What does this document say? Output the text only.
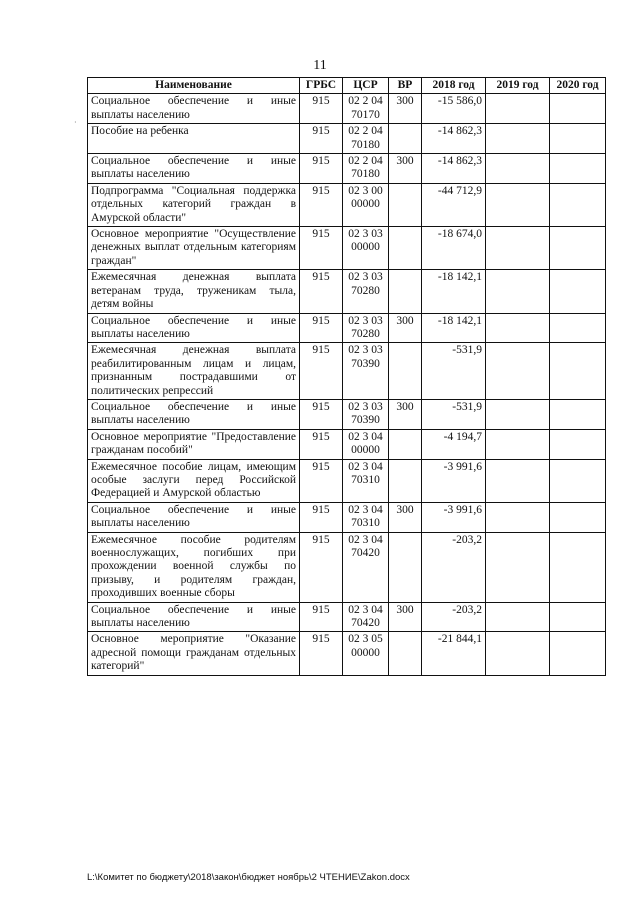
11
·
Наименование	ГРБС	ЦСР	ВР	2018 год	2019 год	2020 год
Социальное обеспечение и иные выплаты населению	915	02 2 04 70170	300	-15 586,0		
Пособие на ребенка	915	02 2 04 70180		-14 862,3		
Социальное обеспечение и иные выплаты населению	915	02 2 04 70180	300	-14 862,3		
Подпрограмма "Социальная поддержка отдельных категорий граждан в Амурской области"	915	02 3 00 00000		-44 712,9		
Основное мероприятие "Осуществление денежных выплат отдельным категориям граждан"	915	02 3 03 00000		-18 674,0		
Ежемесячная денежная выплата ветеранам труда, труженикам тыла, детям войны	915	02 3 03 70280		-18 142,1		
Социальное обеспечение и иные выплаты населению	915	02 3 03 70280	300	-18 142,1		
Ежемесячная денежная выплата реабилитированным лицам и лицам, признанным пострадавшими от политических репрессий	915	02 3 03 70390		-531,9		
Социальное обеспечение и иные выплаты населению	915	02 3 03 70390	300	-531,9		
Основное мероприятие "Предоставление гражданам пособий"	915	02 3 04 00000		-4 194,7		
Ежемесячное пособие лицам, имеющим особые заслуги перед Российской Федерацией и Амурской областью	915	02 3 04 70310		-3 991,6		
Социальное обеспечение и иные выплаты населению	915	02 3 04 70310	300	-3 991,6		
Ежемесячное пособие родителям военнослужащих, погибших при прохождении военной службы по призыву, и родителям граждан, проходивших военные сборы	915	02 3 04 70420		-203,2		
Социальное обеспечение и иные выплаты населению	915	02 3 04 70420	300	-203,2		
Основное мероприятие "Оказание адресной помощи гражданам отдельных категорий"	915	02 3 05 00000		-21 844,1		
L:\Комитет по бюджету\2018\закон\бюджет ноябрь\2 ЧТЕНИЕ\Zakon.docx
